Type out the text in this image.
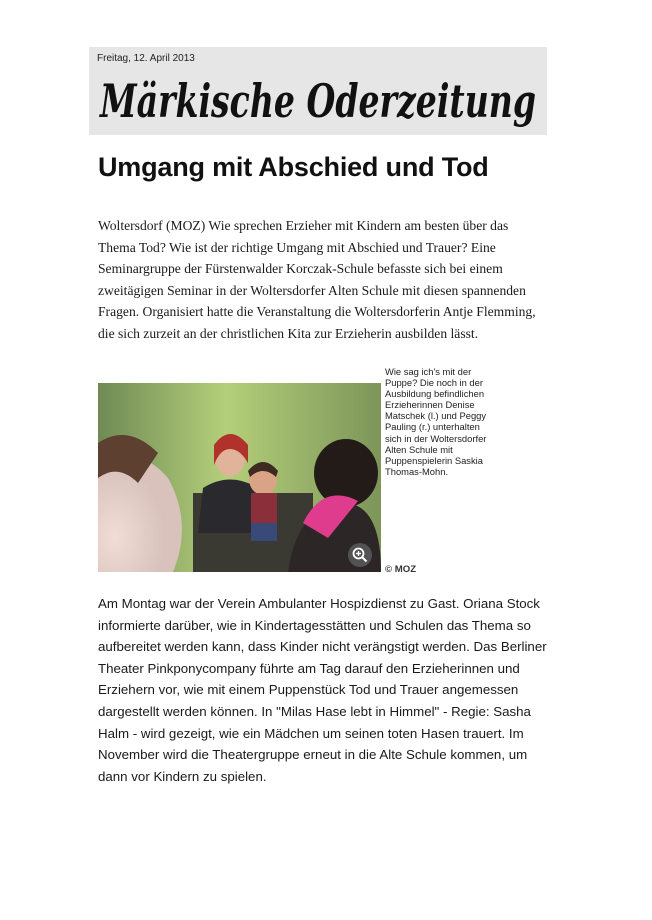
Freitag, 12. April 2013
Märkische Oderzeitung
Umgang mit Abschied und Tod

Woltersdorf (MOZ) Wie sprechen Erzieher mit Kindern am besten über das Thema Tod? Wie ist der richtige Umgang mit Abschied und Trauer? Eine Seminargruppe der Fürstenwalder Korczak-Schule befasste sich bei einem zweitägigen Seminar in der Woltersdorfer Alten Schule mit diesen spannenden Fragen. Organisiert hatte die Veranstaltung die Woltersdorferin Antje Flemming, die sich zurzeit an der christlichen Kita zur Erzieherin ausbilden lässt.

Wie sag ich's mit der Puppe? Die noch in der Ausbildung befindlichen Erzieherinnen Denise Matschek (l.) und Peggy Pauling (r.) unterhalten sich in der Woltersdorfer Alten Schule mit Puppenspielerin Saskia Thomas-Mohn.

© MOZ

Am Montag war der Verein Ambulanter Hospizdienst zu Gast. Oriana Stock informierte darüber, wie in Kindertagesstätten und Schulen das Thema so aufbereitet werden kann, dass Kinder nicht verängstigt werden. Das Berliner Theater Pinkponycompany führte am Tag darauf den Erzieherinnen und Erziehern vor, wie mit einem Puppenstück Tod und Trauer angemessen dargestellt werden können. In "Milas Hase lebt in Himmel" - Regie: Sasha Halm - wird gezeigt, wie ein Mädchen um seinen toten Hasen trauert. Im November wird die Theatergruppe erneut in die Alte Schule kommen, um dann vor Kindern zu spielen.
